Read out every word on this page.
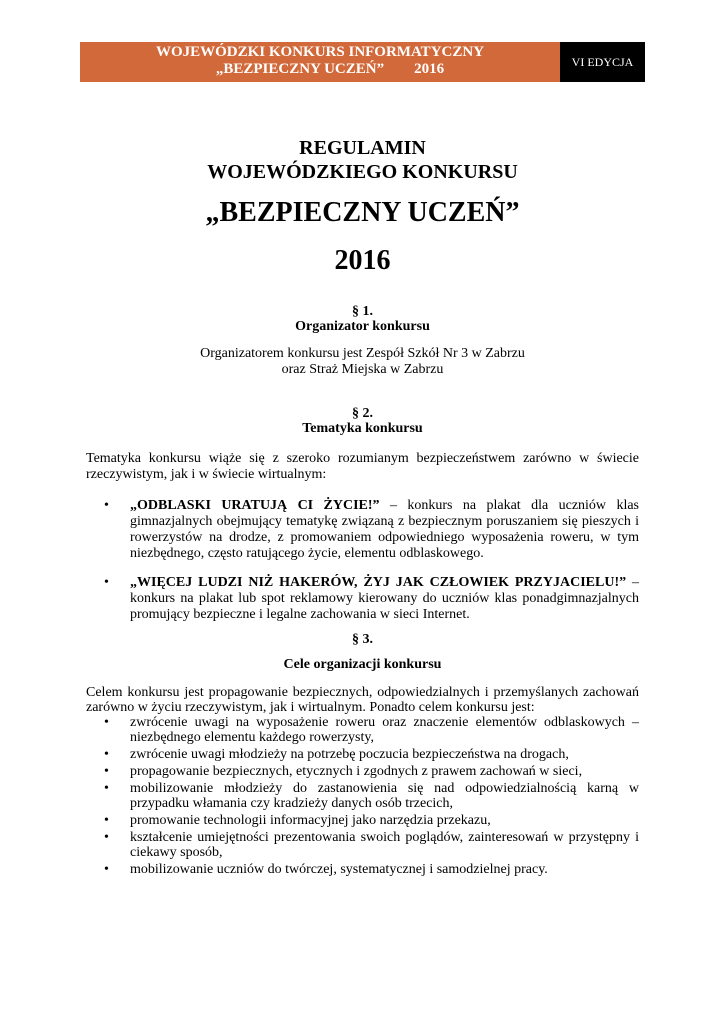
WOJEWÓDZKI KONKURS INFORMATYCZNY
„BEZPIECZNY UCZEŃ” 2016	VI EDYCJA
REGULAMIN
WOJEWÓDZKIEGO KONKURSU
„BEZPIECZNY UCZEŃ”
2016
§ 1.
Organizator konkursu
Organizatorem konkursu jest Zespół Szkół Nr 3 w Zabrzu
oraz Straż Miejska w Zabrzu
§ 2.
Tematyka konkursu
Tematyka konkursu wiąże się z szeroko rozumianym bezpieczeństwem zarówno w świecie rzeczywistym, jak i w świecie wirtualnym:
• „ODBLASKI URATUJĄ CI ŻYCIE!” – konkurs na plakat dla uczniów klas gimnazjalnych obejmujący tematykę związaną z bezpiecznym poruszaniem się pieszych i rowerzystów na drodze, z promowaniem odpowiedniego wyposażenia roweru, w tym niezbędnego, często ratującego życie, elementu odblaskowego.
• „WIĘCEJ LUDZI NIŻ HAKERÓW, ŻYJ JAK CZŁOWIEK PRZYJACIELU!” – konkurs na plakat lub spot reklamowy kierowany do uczniów klas ponadgimnazjalnych promujący bezpieczne i legalne zachowania w sieci Internet.
§ 3.
Cele organizacji konkursu
Celem konkursu jest propagowanie bezpiecznych, odpowiedzialnych i przemyślanych zachowań zarówno w życiu rzeczywistym, jak i wirtualnym. Ponadto celem konkursu jest:
• zwrócenie uwagi na wyposażenie roweru oraz znaczenie elementów odblaskowych – niezbędnego elementu każdego rowerzysty,
• zwrócenie uwagi młodzieży na potrzebę poczucia bezpieczeństwa na drogach,
• propagowanie bezpiecznych, etycznych i zgodnych z prawem zachowań w sieci,
• mobilizowanie młodzieży do zastanowienia się nad odpowiedzialnością karną w przypadku włamania czy kradzieży danych osób trzecich,
• promowanie technologii informacyjnej jako narzędzia przekazu,
• kształcenie umiejętności prezentowania swoich poglądów, zainteresowań w przystępny i ciekawy sposób,
• mobilizowanie uczniów do twórczej, systematycznej i samodzielnej pracy.
